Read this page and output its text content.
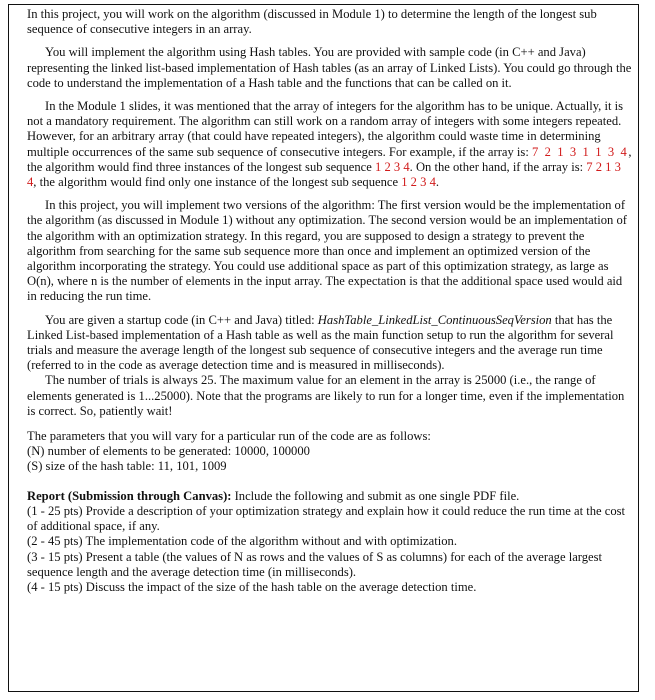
In this project, you will work on the algorithm (discussed in Module 1) to determine the length of the longest sub sequence of consecutive integers in an array.

You will implement the algorithm using Hash tables. You are provided with sample code (in C++ and Java) representing the linked list-based implementation of Hash tables (as an array of Linked Lists). You could go through the code to understand the implementation of a Hash table and the functions that can be called on it.

In the Module 1 slides, it was mentioned that the array of integers for the algorithm has to be unique. Actually, it is not a mandatory requirement. The algorithm can still work on a random array of integers with some integers repeated. However, for an arbitrary array (that could have repeated integers), the algorithm could waste time in determining multiple occurrences of the same sub sequence of consecutive integers. For example, if the array is: 7 2 1 3 1 1 3 4, the algorithm would find three instances of the longest sub sequence 1 2 3 4. On the other hand, if the array is: 7 2 1 3 4, the algorithm would find only one instance of the longest sub sequence 1 2 3 4.

In this project, you will implement two versions of the algorithm: The first version would be the implementation of the algorithm (as discussed in Module 1) without any optimization. The second version would be an implementation of the algorithm with an optimization strategy. In this regard, you are supposed to design a strategy to prevent the algorithm from searching for the same sub sequence more than once and implement an optimized version of the algorithm incorporating the strategy. You could use additional space as part of this optimization strategy, as large as O(n), where n is the number of elements in the input array. The expectation is that the additional space used would aid in reducing the run time.

You are given a startup code (in C++ and Java) titled: HashTable_LinkedList_ContinuousSeqVersion that has the Linked List-based implementation of a Hash table as well as the main function setup to run the algorithm for several trials and measure the average length of the longest sub sequence of consecutive integers and the average run time (referred to in the code as average detection time and is measured in milliseconds).

The number of trials is always 25. The maximum value for an element in the array is 25000 (i.e., the range of elements generated is 1...25000). Note that the programs are likely to run for a longer time, even if the implementation is correct. So, patiently wait!

The parameters that you will vary for a particular run of the code are as follows:
(N) number of elements to be generated: 10000, 100000
(S) size of the hash table: 11, 101, 1009

Report (Submission through Canvas): Include the following and submit as one single PDF file.
(1 - 25 pts) Provide a description of your optimization strategy and explain how it could reduce the run time at the cost of additional space, if any.
(2 - 45 pts) The implementation code of the algorithm without and with optimization.
(3 - 15 pts) Present a table (the values of N as rows and the values of S as columns) for each of the average largest sequence length and the average detection time (in milliseconds).
(4 - 15 pts) Discuss the impact of the size of the hash table on the average detection time.
